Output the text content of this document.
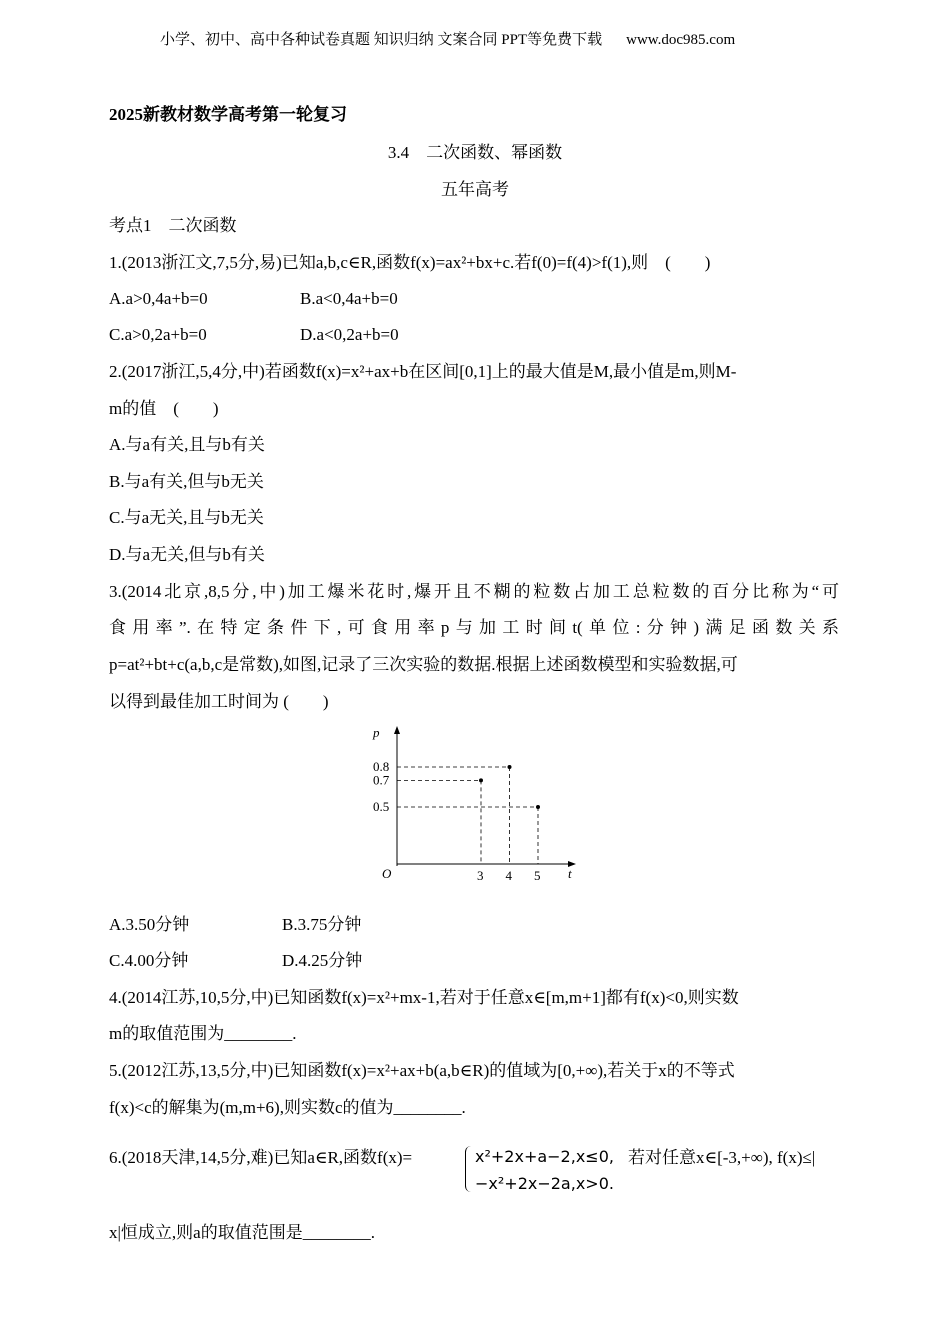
小学、初中、高中各种试卷真题 知识归纳 文案合同 PPT等免费下载 www.doc985.com
2025新教材数学高考第一轮复习
3.4　二次函数、幂函数
五年高考
考点1　二次函数
1.(2013浙江文,7,5分,易)已知a,b,c∈R,函数f(x)=ax²+bx+c.若f(0)=f(4)>f(1),则　(　　)
A.a>0,4a+b=0	B.a<0,4a+b=0
C.a>0,2a+b=0	D.a<0,2a+b=0
2.(2017浙江,5,4分,中)若函数f(x)=x²+ax+b在区间[0,1]上的最大值是M,最小值是m,则M-
m的值　(　　)
A.与a有关,且与b有关
B.与a有关,但与b无关
C.与a无关,且与b无关
D.与a无关,但与b有关
3.(2014北京,8,5分,中)加工爆米花时,爆开且不糊的粒数占加工总粒数的百分比称为“可
食用率”.在特定条件下,可食用率p与加工时间t(单位:分钟)满足函数关系
p=at²+bt+c(a,b,c是常数),如图,记录了三次实验的数据.根据上述函数模型和实验数据,可
以得到最佳加工时间为 (　　)
p
t
O	3 4 5
0.8
0.7
0.5
A.3.50分钟	B.3.75分钟
C.4.00分钟	D.4.25分钟
4.(2014江苏,10,5分,中)已知函数f(x)=x²+mx-1,若对于任意x∈[m,m+1]都有f(x)<0,则实数
m的取值范围为________.
5.(2012江苏,13,5分,中)已知函数f(x)=x²+ax+b(a,b∈R)的值域为[0,+∞),若关于x的不等式
f(x)<c的解集为(m,m+6),则实数c的值为________.
6.(2018天津,14,5分,难)已知a∈R,函数f(x)=	x²+2x+a−2,x≤0, 若对任意x∈[-3,+∞), f(x)≤|
−x²+2x−2a,x>0.
x|恒成立,则a的取值范围是________.
